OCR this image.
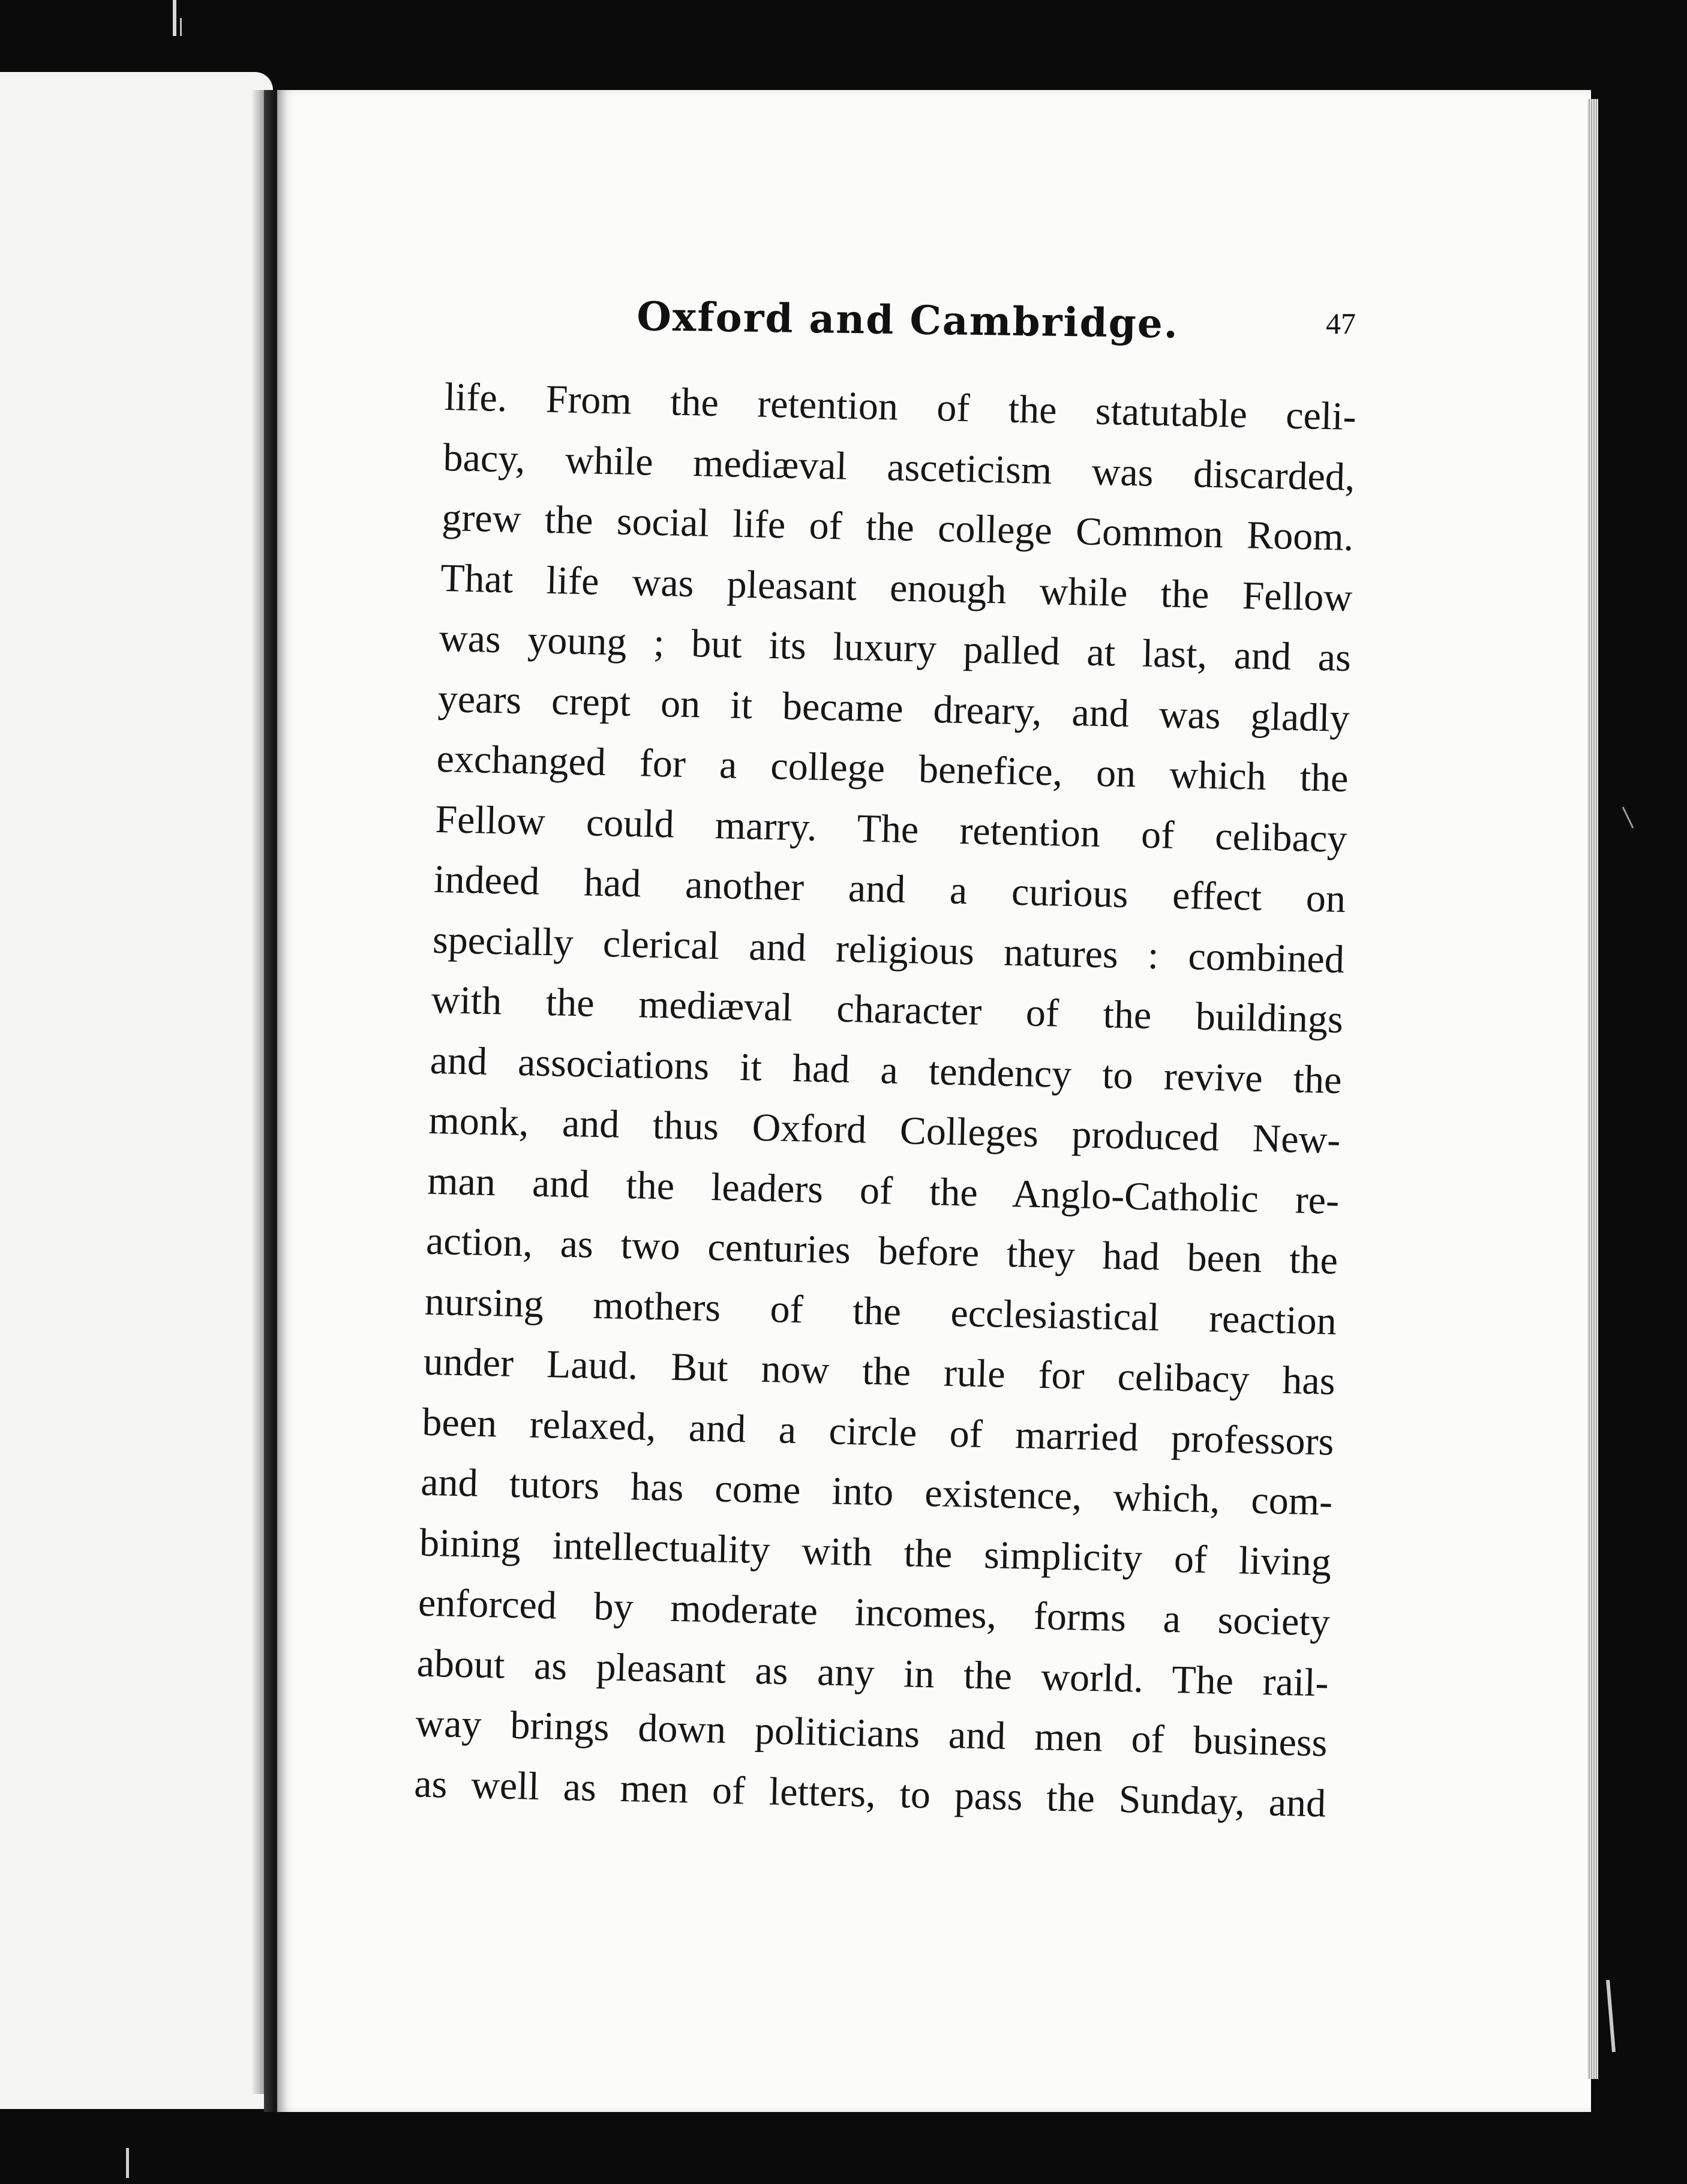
Oxford and Cambridge.	47
life. From the retention of the statutable celi-
bacy, while mediæval asceticism was discarded,
grew the social life of the college Common Room.
That life was pleasant enough while the Fellow
was young ; but its luxury palled at last, and as
years crept on it became dreary, and was gladly
exchanged for a college benefice, on which the
Fellow could marry. The retention of celibacy
indeed had another and a curious effect on
specially clerical and religious natures : combined
with the mediæval character of the buildings
and associations it had a tendency to revive the
monk, and thus Oxford Colleges produced New-
man and the leaders of the Anglo-Catholic re-
action, as two centuries before they had been the
nursing mothers of the ecclesiastical reaction
under Laud. But now the rule for celibacy has
been relaxed, and a circle of married professors
and tutors has come into existence, which, com-
bining intellectuality with the simplicity of living
enforced by moderate incomes, forms a society
about as pleasant as any in the world. The rail-
way brings down politicians and men of business
as well as men of letters, to pass the Sunday, and
